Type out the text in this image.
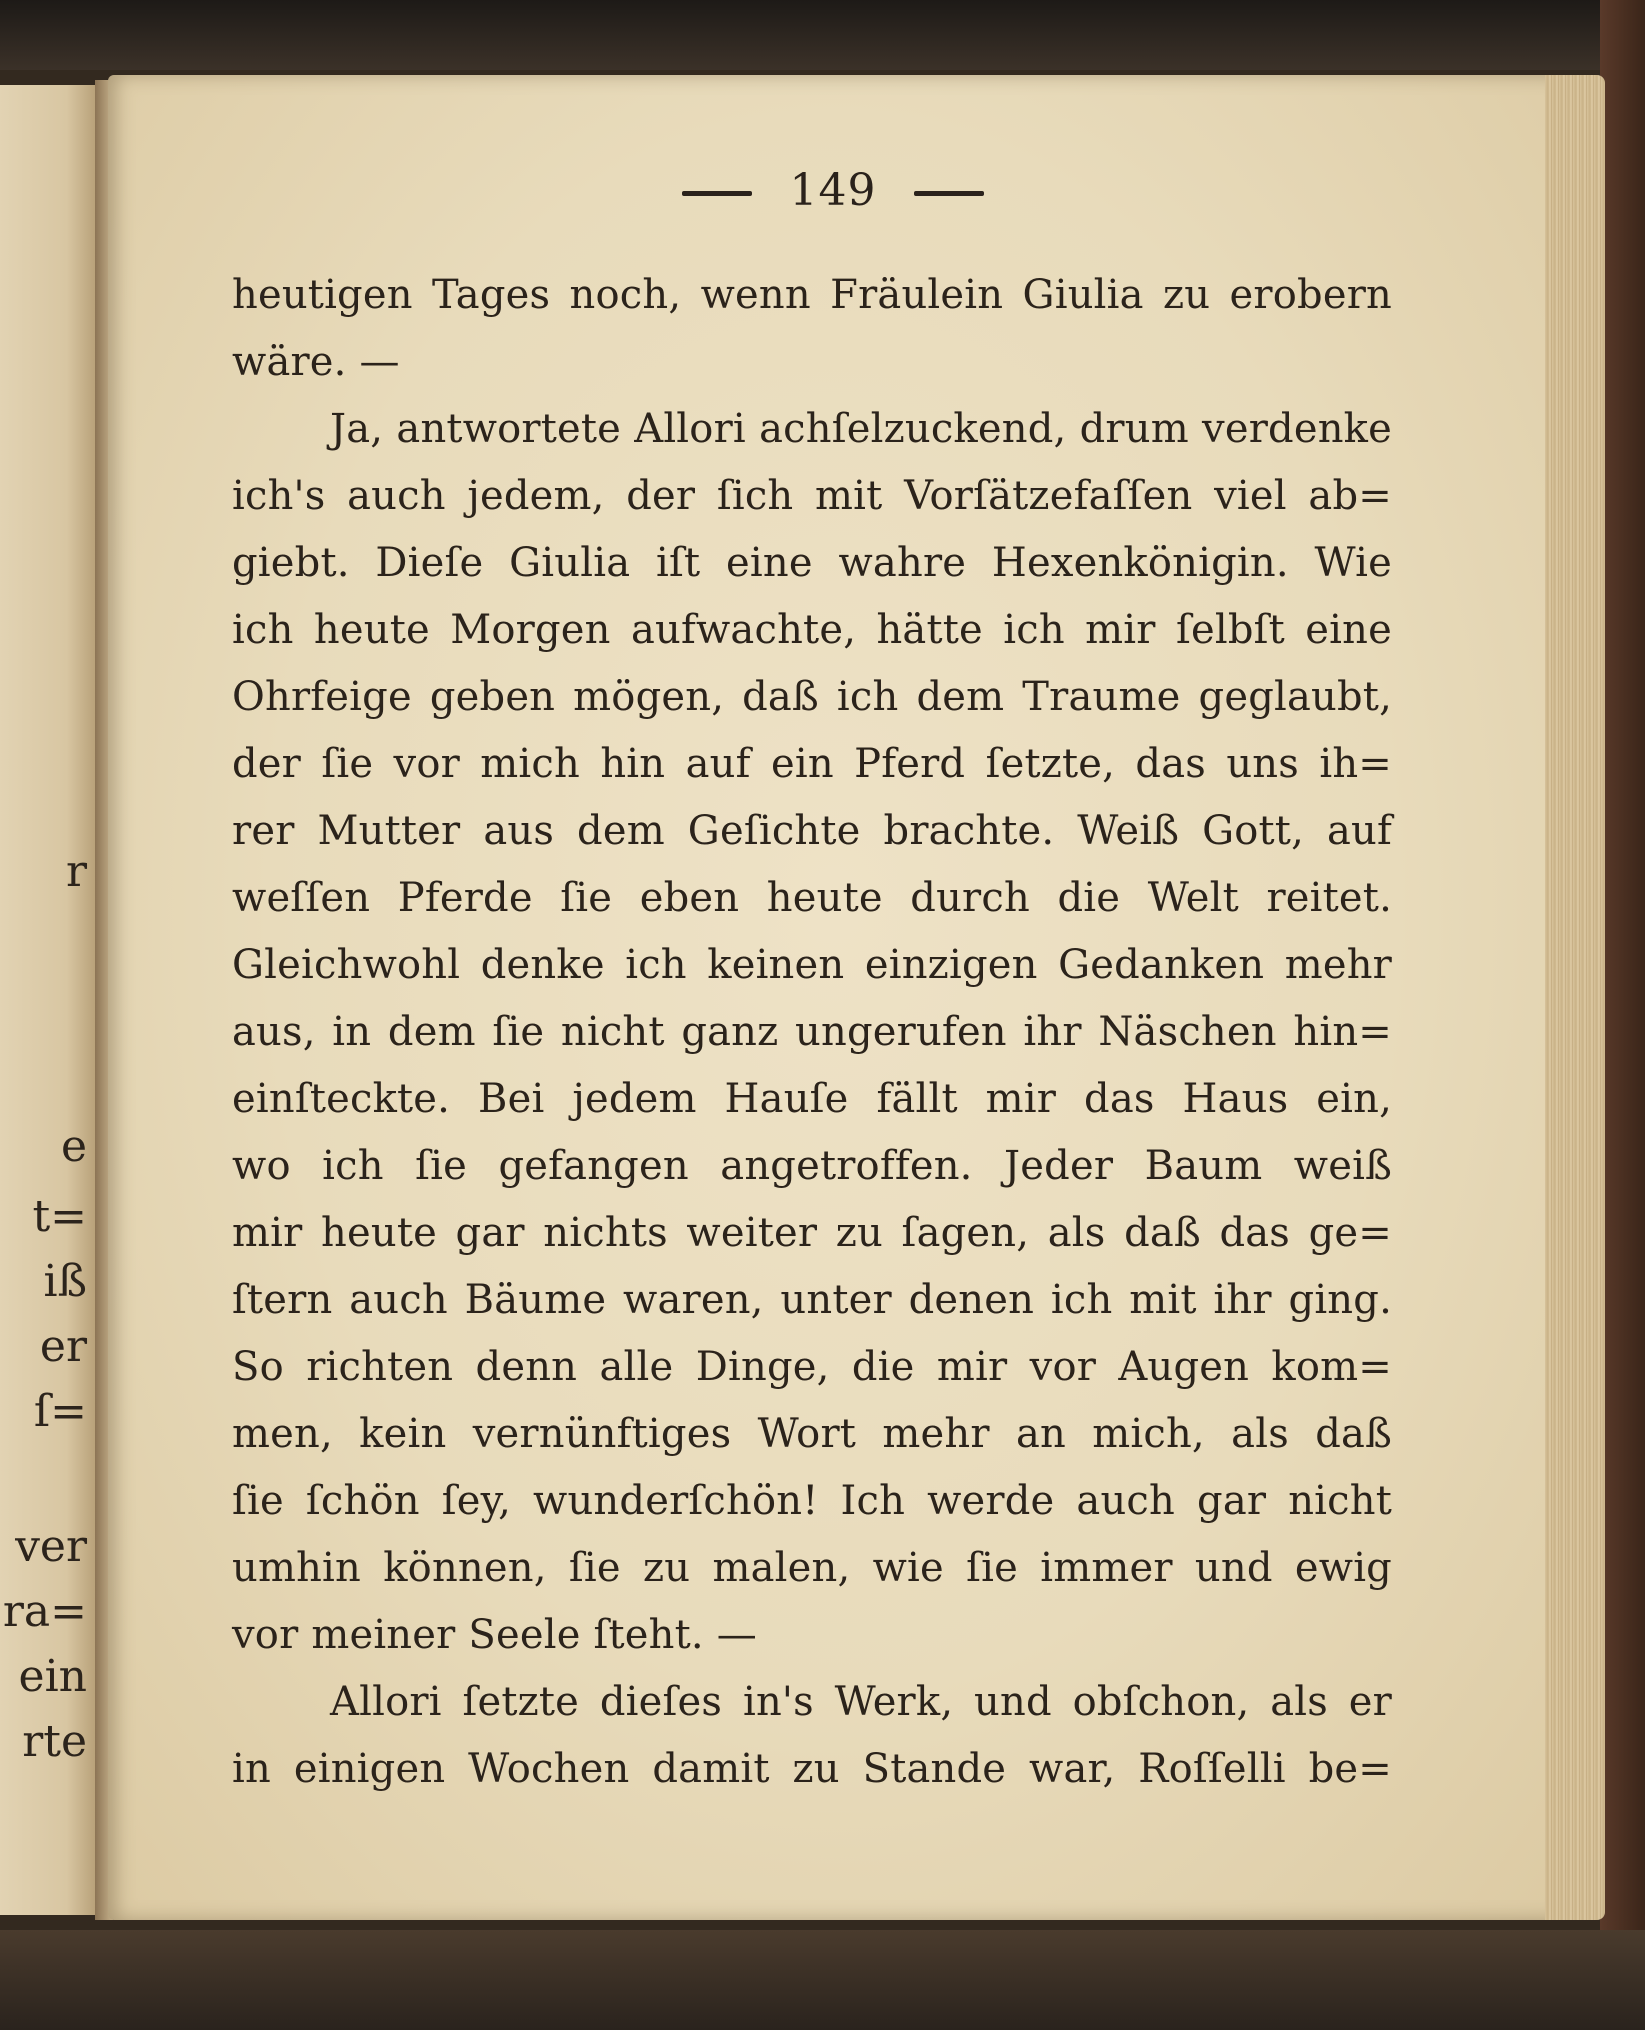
r
e
t=
iß
er
ſ=
ver
ra=
ein
rte
149
heutigen Tages noch, wenn Fräulein Giulia zu erobern
wäre. —
Ja, antwortete Allori achſelzuckend, drum verdenke
ich's auch jedem, der ſich mit Vorſätzefaſſen viel ab=
giebt. Dieſe Giulia iſt eine wahre Hexenkönigin. Wie
ich heute Morgen aufwachte, hätte ich mir ſelbſt eine
Ohrfeige geben mögen, daß ich dem Traume geglaubt,
der ſie vor mich hin auf ein Pferd ſetzte, das uns ih=
rer Mutter aus dem Geſichte brachte. Weiß Gott, auf
weſſen Pferde ſie eben heute durch die Welt reitet.
Gleichwohl denke ich keinen einzigen Gedanken mehr
aus, in dem ſie nicht ganz ungerufen ihr Näschen hin=
einſteckte. Bei jedem Hauſe fällt mir das Haus ein,
wo ich ſie gefangen angetroffen. Jeder Baum weiß
mir heute gar nichts weiter zu ſagen, als daß das ge=
ſtern auch Bäume waren, unter denen ich mit ihr ging.
So richten denn alle Dinge, die mir vor Augen kom=
men, kein vernünftiges Wort mehr an mich, als daß
ſie ſchön ſey, wunderſchön! Ich werde auch gar nicht
umhin können, ſie zu malen, wie ſie immer und ewig
vor meiner Seele ſteht. —
Allori ſetzte dieſes in's Werk, und obſchon, als er
in einigen Wochen damit zu Stande war, Roſſelli be=
